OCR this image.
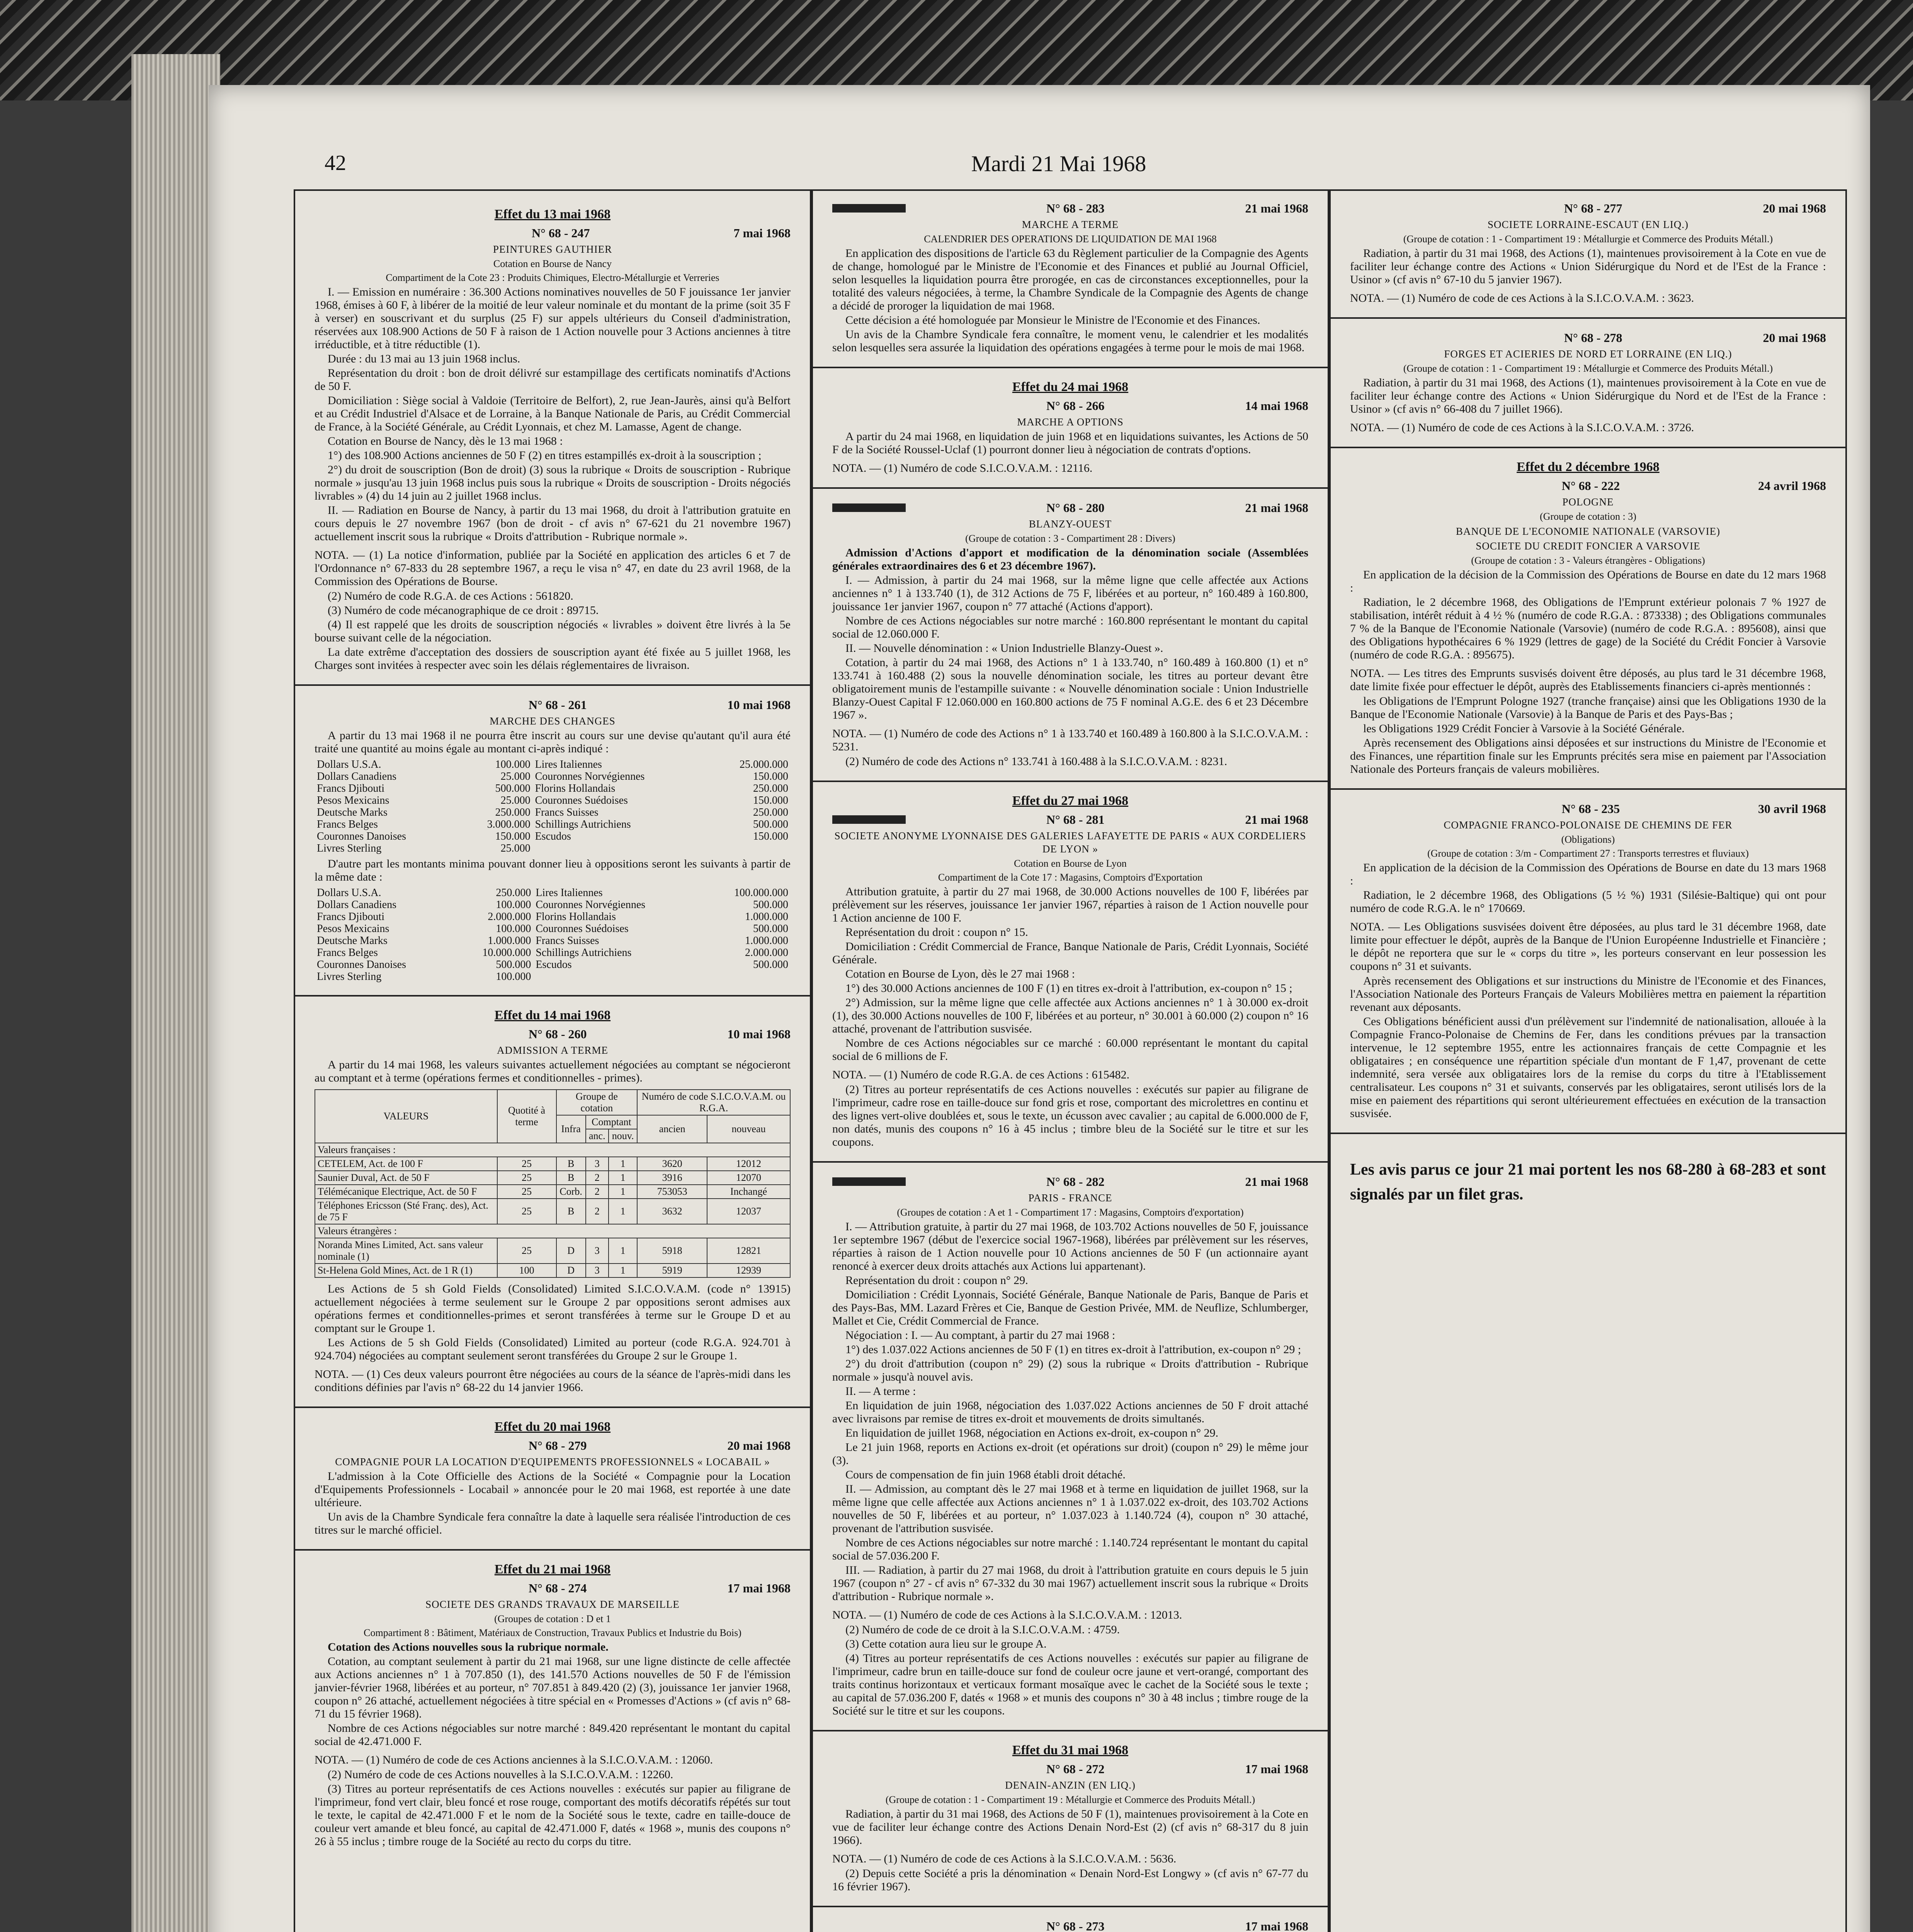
42	Mardi 21 Mai 1968
Effet du 13 mai 1968
N° 68 - 247	7 mai 1968
PEINTURES GAUTHIER
Cotation en Bourse de Nancy
Compartiment de la Cote 23 : Produits Chimiques, Electro-Métallurgie et Verreries

I. — Emission en numéraire : 36.300 Actions nominatives nouvelles de 50 F jouissance 1er janvier 1968, émises à 60 F, à libérer de la moitié de leur valeur nominale et du montant de la prime (soit 35 F à verser) en souscrivant et du surplus (25 F) sur appels ultérieurs du Conseil d'administration, réservées aux 108.900 Actions de 50 F à raison de 1 Action nouvelle pour 3 Actions anciennes à titre irréductible, et à titre réductible (1).

Durée : du 13 mai au 13 juin 1968 inclus.

Représentation du droit : bon de droit délivré sur estampillage des certificats nominatifs d'Actions de 50 F.

Domiciliation : Siège social à Valdoie (Territoire de Belfort), 2, rue Jean-Jaurès, ainsi qu'à Belfort et au Crédit Industriel d'Alsace et de Lorraine, à la Banque Nationale de Paris, au Crédit Commercial de France, à la Société Générale, au Crédit Lyonnais, et chez M. Lamasse, Agent de change.

Cotation en Bourse de Nancy, dès le 13 mai 1968 :

1°) des 108.900 Actions anciennes de 50 F (2) en titres estampillés ex-droit à la souscription ;

2°) du droit de souscription (Bon de droit) (3) sous la rubrique « Droits de souscription - Rubrique normale » jusqu'au 13 juin 1968 inclus puis sous la rubrique « Droits de souscription - Droits négociés livrables » (4) du 14 juin au 2 juillet 1968 inclus.

II. — Radiation en Bourse de Nancy, à partir du 13 mai 1968, du droit à l'attribution gratuite en cours depuis le 27 novembre 1967 (bon de droit - cf avis n° 67-621 du 21 novembre 1967) actuellement inscrit sous la rubrique « Droits d'attribution - Rubrique normale ».

NOTA. — (1) La notice d'information, publiée par la Société en application des articles 6 et 7 de l'Ordonnance n° 67-833 du 28 septembre 1967, a reçu le visa n° 47, en date du 23 avril 1968, de la Commission des Opérations de Bourse.

(2) Numéro de code R.G.A. de ces Actions : 561820.

(3) Numéro de code mécanographique de ce droit : 89715.

(4) Il est rappelé que les droits de souscription négociés « livrables » doivent être livrés à la 5e bourse suivant celle de la négociation.

La date extrême d'acceptation des dossiers de souscription ayant été fixée au 5 juillet 1968, les Charges sont invitées à respecter avec soin les délais réglementaires de livraison.

N° 68 - 261	10 mai 1968
MARCHE DES CHANGES

A partir du 13 mai 1968 il ne pourra être inscrit au cours sur une devise qu'autant qu'il aura été traité une quantité au moins égale au montant ci-après indiqué :

Dollars U.S.A.	100.000	Lires Italiennes	25.000.000
Dollars Canadiens	25.000	Couronnes Norvégiennes	150.000
Francs Djibouti	500.000	Florins Hollandais	250.000
Pesos Mexicains	25.000	Couronnes Suédoises	150.000
Deutsche Marks	250.000	Francs Suisses	250.000
Francs Belges	3.000.000	Schillings Autrichiens	500.000
Couronnes Danoises	150.000	Escudos	150.000
Livres Sterling	25.000		

D'autre part les montants minima pouvant donner lieu à oppositions seront les suivants à partir de la même date :

Dollars U.S.A.	250.000	Lires Italiennes	100.000.000
Dollars Canadiens	100.000	Couronnes Norvégiennes	500.000
Francs Djibouti	2.000.000	Florins Hollandais	1.000.000
Pesos Mexicains	100.000	Couronnes Suédoises	500.000
Deutsche Marks	1.000.000	Francs Suisses	1.000.000
Francs Belges	10.000.000	Schillings Autrichiens	2.000.000
Couronnes Danoises	500.000	Escudos	500.000
Livres Sterling	100.000		
Effet du 14 mai 1968
N° 68 - 260	10 mai 1968
ADMISSION A TERME

A partir du 14 mai 1968, les valeurs suivantes actuellement négociées au comptant se négocieront au comptant et à terme (opérations fermes et conditionnelles - primes).

VALEURS	Quotité à terme	Groupe de cotation			Numéro de code S.I.C.O.V.A.M. ou R.G.A.	
		Infra	Comptant		ancien	nouveau
			anc.	nouv.		
Valeurs françaises :						
CETELEM, Act. de 100 F	25	B	3	1	3620	12012
Saunier Duval, Act. de 50 F	25	B	2	1	3916	12070
Télémécanique Electrique, Act. de 50 F	25	Corb.	2	1	753053	Inchangé
Téléphones Ericsson (Sté Franç. des), Act. de 75 F	25	B	2	1	3632	12037
Valeurs étrangères :						
Noranda Mines Limited, Act. sans valeur nominale (1)	25	D	3	1	5918	12821
St-Helena Gold Mines, Act. de 1 R (1)	100	D	3	1	5919	12939

Les Actions de 5 sh Gold Fields (Consolidated) Limited S.I.C.O.V.A.M. (code n° 13915) actuellement négociées à terme seulement sur le Groupe 2 par oppositions seront admises aux opérations fermes et conditionnelles-primes et seront transférées à terme sur le Groupe D et au comptant sur le Groupe 1.

Les Actions de 5 sh Gold Fields (Consolidated) Limited au porteur (code R.G.A. 924.701 à 924.704) négociées au comptant seulement seront transférées du Groupe 2 sur le Groupe 1.

NOTA. — (1) Ces deux valeurs pourront être négociées au cours de la séance de l'après-midi dans les conditions définies par l'avis n° 68-22 du 14 janvier 1966.

Effet du 20 mai 1968
N° 68 - 279	20 mai 1968
COMPAGNIE POUR LA LOCATION D'EQUIPEMENTS PROFESSIONNELS « LOCABAIL »

L'admission à la Cote Officielle des Actions de la Société « Compagnie pour la Location d'Equipements Professionnels - Locabail » annoncée pour le 20 mai 1968, est reportée à une date ultérieure.

Un avis de la Chambre Syndicale fera connaître la date à laquelle sera réalisée l'introduction de ces titres sur le marché officiel.

Effet du 21 mai 1968
N° 68 - 274	17 mai 1968
SOCIETE DES GRANDS TRAVAUX DE MARSEILLE
(Groupes de cotation : D et 1
Compartiment 8 : Bâtiment, Matériaux de Construction, Travaux Publics et Industrie du Bois)

Cotation des Actions nouvelles sous la rubrique normale.

Cotation, au comptant seulement à partir du 21 mai 1968, sur une ligne distincte de celle affectée aux Actions anciennes n° 1 à 707.850 (1), des 141.570 Actions nouvelles de 50 F de l'émission janvier-février 1968, libérées et au porteur, n° 707.851 à 849.420 (2) (3), jouissance 1er janvier 1968, coupon n° 26 attaché, actuellement négociées à titre spécial en « Promesses d'Actions » (cf avis n° 68-71 du 15 février 1968).

Nombre de ces Actions négociables sur notre marché : 849.420 représentant le montant du capital social de 42.471.000 F.

NOTA. — (1) Numéro de code de ces Actions anciennes à la S.I.C.O.V.A.M. : 12060.

(2) Numéro de code de ces Actions nouvelles à la S.I.C.O.V.A.M. : 12260.

(3) Titres au porteur représentatifs de ces Actions nouvelles : exécutés sur papier au filigrane de l'imprimeur, fond vert clair, bleu foncé et rose rouge, comportant des motifs décoratifs répétés sur tout le texte, le capital de 42.471.000 F et le nom de la Société sous le texte, cadre en taille-douce de couleur vert amande et bleu foncé, au capital de 42.471.000 F, datés « 1968 », munis des coupons n° 26 à 55 inclus ; timbre rouge de la Société au recto du corps du titre.

N° 68 - 283	21 mai 1968
MARCHE A TERME
CALENDRIER DES OPERATIONS DE LIQUIDATION DE MAI 1968

En application des dispositions de l'article 63 du Règlement particulier de la Compagnie des Agents de change, homologué par le Ministre de l'Economie et des Finances et publié au Journal Officiel, selon lesquelles la liquidation pourra être prorogée, en cas de circonstances exceptionnelles, pour la totalité des valeurs négociées, à terme, la Chambre Syndicale de la Compagnie des Agents de change a décidé de proroger la liquidation de mai 1968.

Cette décision a été homologuée par Monsieur le Ministre de l'Economie et des Finances.

Un avis de la Chambre Syndicale fera connaître, le moment venu, le calendrier et les modalités selon lesquelles sera assurée la liquidation des opérations engagées à terme pour le mois de mai 1968.

Effet du 24 mai 1968
N° 68 - 266	14 mai 1968
MARCHE A OPTIONS

A partir du 24 mai 1968, en liquidation de juin 1968 et en liquidations suivantes, les Actions de 50 F de la Société Roussel-Uclaf (1) pourront donner lieu à négociation de contrats d'options.

NOTA. — (1) Numéro de code S.I.C.O.V.A.M. : 12116.

N° 68 - 280	21 mai 1968
BLANZY-OUEST
(Groupe de cotation : 3 - Compartiment 28 : Divers)

Admission d'Actions d'apport et modification de la dénomination sociale (Assemblées générales extraordinaires des 6 et 23 décembre 1967).

I. — Admission, à partir du 24 mai 1968, sur la même ligne que celle affectée aux Actions anciennes n° 1 à 133.740 (1), de 312 Actions de 75 F, libérées et au porteur, n° 160.489 à 160.800, jouissance 1er janvier 1967, coupon n° 77 attaché (Actions d'apport).

Nombre de ces Actions négociables sur notre marché : 160.800 représentant le montant du capital social de 12.060.000 F.

II. — Nouvelle dénomination : « Union Industrielle Blanzy-Ouest ».

Cotation, à partir du 24 mai 1968, des Actions n° 1 à 133.740, n° 160.489 à 160.800 (1) et n° 133.741 à 160.488 (2) sous la nouvelle dénomination sociale, les titres au porteur devant être obligatoirement munis de l'estampille suivante : « Nouvelle dénomination sociale : Union Industrielle Blanzy-Ouest Capital F 12.060.000 en 160.800 actions de 75 F nominal A.G.E. des 6 et 23 Décembre 1967 ».

NOTA. — (1) Numéro de code des Actions n° 1 à 133.740 et 160.489 à 160.800 à la S.I.C.O.V.A.M. : 5231.

(2) Numéro de code des Actions n° 133.741 à 160.488 à la S.I.C.O.V.A.M. : 8231.

Effet du 27 mai 1968
N° 68 - 281	21 mai 1968
SOCIETE ANONYME LYONNAISE DES GALERIES LAFAYETTE DE PARIS « AUX CORDELIERS DE LYON »
Cotation en Bourse de Lyon
Compartiment de la Cote 17 : Magasins, Comptoirs d'Exportation

Attribution gratuite, à partir du 27 mai 1968, de 30.000 Actions nouvelles de 100 F, libérées par prélèvement sur les réserves, jouissance 1er janvier 1967, réparties à raison de 1 Action nouvelle pour 1 Action ancienne de 100 F.

Représentation du droit : coupon n° 15.

Domiciliation : Crédit Commercial de France, Banque Nationale de Paris, Crédit Lyonnais, Société Générale.

Cotation en Bourse de Lyon, dès le 27 mai 1968 :

1°) des 30.000 Actions anciennes de 100 F (1) en titres ex-droit à l'attribution, ex-coupon n° 15 ;

2°) Admission, sur la même ligne que celle affectée aux Actions anciennes n° 1 à 30.000 ex-droit (1), des 30.000 Actions nouvelles de 100 F, libérées et au porteur, n° 30.001 à 60.000 (2) coupon n° 16 attaché, provenant de l'attribution susvisée.

Nombre de ces Actions négociables sur ce marché : 60.000 représentant le montant du capital social de 6 millions de F.

NOTA. — (1) Numéro de code R.G.A. de ces Actions : 615482.

(2) Titres au porteur représentatifs de ces Actions nouvelles : exécutés sur papier au filigrane de l'imprimeur, cadre rose en taille-douce sur fond gris et rose, comportant des microlettres en continu et des lignes vert-olive doublées et, sous le texte, un écusson avec cavalier ; au capital de 6.000.000 de F, non datés, munis des coupons n° 16 à 45 inclus ; timbre bleu de la Société sur le titre et sur les coupons.

N° 68 - 282	21 mai 1968
PARIS - FRANCE
(Groupes de cotation : A et 1 - Compartiment 17 : Magasins, Comptoirs d'exportation)

I. — Attribution gratuite, à partir du 27 mai 1968, de 103.702 Actions nouvelles de 50 F, jouissance 1er septembre 1967 (début de l'exercice social 1967-1968), libérées par prélèvement sur les réserves, réparties à raison de 1 Action nouvelle pour 10 Actions anciennes de 50 F (un actionnaire ayant renoncé à exercer deux droits attachés aux Actions lui appartenant).

Représentation du droit : coupon n° 29.

Domiciliation : Crédit Lyonnais, Société Générale, Banque Nationale de Paris, Banque de Paris et des Pays-Bas, MM. Lazard Frères et Cie, Banque de Gestion Privée, MM. de Neuflize, Schlumberger, Mallet et Cie, Crédit Commercial de France.

Négociation : I. — Au comptant, à partir du 27 mai 1968 :

1°) des 1.037.022 Actions anciennes de 50 F (1) en titres ex-droit à l'attribution, ex-coupon n° 29 ;

2°) du droit d'attribution (coupon n° 29) (2) sous la rubrique « Droits d'attribution - Rubrique normale » jusqu'à nouvel avis.

II. — A terme :

En liquidation de juin 1968, négociation des 1.037.022 Actions anciennes de 50 F droit attaché avec livraisons par remise de titres ex-droit et mouvements de droits simultanés.

En liquidation de juillet 1968, négociation en Actions ex-droit, ex-coupon n° 29.

Le 21 juin 1968, reports en Actions ex-droit (et opérations sur droit) (coupon n° 29) le même jour (3).

Cours de compensation de fin juin 1968 établi droit détaché.

II. — Admission, au comptant dès le 27 mai 1968 et à terme en liquidation de juillet 1968, sur la même ligne que celle affectée aux Actions anciennes n° 1 à 1.037.022 ex-droit, des 103.702 Actions nouvelles de 50 F, libérées et au porteur, n° 1.037.023 à 1.140.724 (4), coupon n° 30 attaché, provenant de l'attribution susvisée.

Nombre de ces Actions négociables sur notre marché : 1.140.724 représentant le montant du capital social de 57.036.200 F.

III. — Radiation, à partir du 27 mai 1968, du droit à l'attribution gratuite en cours depuis le 5 juin 1967 (coupon n° 27 - cf avis n° 67-332 du 30 mai 1967) actuellement inscrit sous la rubrique « Droits d'attribution - Rubrique normale ».

NOTA. — (1) Numéro de code de ces Actions à la S.I.C.O.V.A.M. : 12013.

(2) Numéro de code de ce droit à la S.I.C.O.V.A.M. : 4759.

(3) Cette cotation aura lieu sur le groupe A.

(4) Titres au porteur représentatifs de ces Actions nouvelles : exécutés sur papier au filigrane de l'imprimeur, cadre brun en taille-douce sur fond de couleur ocre jaune et vert-orangé, comportant des traits continus horizontaux et verticaux formant mosaïque avec le cachet de la Société sous le texte ; au capital de 57.036.200 F, datés « 1968 » et munis des coupons n° 30 à 48 inclus ; timbre rouge de la Société sur le titre et sur les coupons.

Effet du 31 mai 1968
N° 68 - 272	17 mai 1968
DENAIN-ANZIN (EN LIQ.)
(Groupe de cotation : 1 - Compartiment 19 : Métallurgie et Commerce des Produits Métall.)

Radiation, à partir du 31 mai 1968, des Actions de 50 F (1), maintenues provisoirement à la Cote en vue de faciliter leur échange contre des Actions Denain Nord-Est (2) (cf avis n° 68-317 du 8 juin 1966).

NOTA. — (1) Numéro de code de ces Actions à la S.I.C.O.V.A.M. : 5636.

(2) Depuis cette Société a pris la dénomination « Denain Nord-Est Longwy » (cf avis n° 67-77 du 16 février 1967).

N° 68 - 273	17 mai 1968

N° 68 - 277	20 mai 1968
SOCIETE LORRAINE-ESCAUT (EN LIQ.)
(Groupe de cotation : 1 - Compartiment 19 : Métallurgie et Commerce des Produits Métall.)

Radiation, à partir du 31 mai 1968, des Actions (1), maintenues provisoirement à la Cote en vue de faciliter leur échange contre des Actions « Union Sidérurgique du Nord et de l'Est de la France : Usinor » (cf avis n° 67-10 du 5 janvier 1967).

NOTA. — (1) Numéro de code de ces Actions à la S.I.C.O.V.A.M. : 3623.

N° 68 - 278	20 mai 1968
FORGES ET ACIERIES DE NORD ET LORRAINE (EN LIQ.)
(Groupe de cotation : 1 - Compartiment 19 : Métallurgie et Commerce des Produits Métall.)

Radiation, à partir du 31 mai 1968, des Actions (1), maintenues provisoirement à la Cote en vue de faciliter leur échange contre des Actions « Union Sidérurgique du Nord et de l'Est de la France : Usinor » (cf avis n° 66-408 du 7 juillet 1966).

NOTA. — (1) Numéro de code de ces Actions à la S.I.C.O.V.A.M. : 3726.

Effet du 2 décembre 1968
N° 68 - 222	24 avril 1968
POLOGNE
(Groupe de cotation : 3)
BANQUE DE L'ECONOMIE NATIONALE (VARSOVIE)
SOCIETE DU CREDIT FONCIER A VARSOVIE
(Groupe de cotation : 3 - Valeurs étrangères - Obligations)

En application de la décision de la Commission des Opérations de Bourse en date du 12 mars 1968 :

Radiation, le 2 décembre 1968, des Obligations de l'Emprunt extérieur polonais 7 % 1927 de stabilisation, intérêt réduit à 4 ½ % (numéro de code R.G.A. : 873338) ; des Obligations communales 7 % de la Banque de l'Economie Nationale (Varsovie) (numéro de code R.G.A. : 895608), ainsi que des Obligations hypothécaires 6 % 1929 (lettres de gage) de la Société du Crédit Foncier à Varsovie (numéro de code R.G.A. : 895675).

NOTA. — Les titres des Emprunts susvisés doivent être déposés, au plus tard le 31 décembre 1968, date limite fixée pour effectuer le dépôt, auprès des Etablissements financiers ci-après mentionnés :

les Obligations de l'Emprunt Pologne 1927 (tranche française) ainsi que les Obligations 1930 de la Banque de l'Economie Nationale (Varsovie) à la Banque de Paris et des Pays-Bas ;

les Obligations 1929 Crédit Foncier à Varsovie à la Société Générale.

Après recensement des Obligations ainsi déposées et sur instructions du Ministre de l'Economie et des Finances, une répartition finale sur les Emprunts précités sera mise en paiement par l'Association Nationale des Porteurs français de valeurs mobilières.

N° 68 - 235	30 avril 1968
COMPAGNIE FRANCO-POLONAISE DE CHEMINS DE FER
(Obligations)
(Groupe de cotation : 3/m - Compartiment 27 : Transports terrestres et fluviaux)

En application de la décision de la Commission des Opérations de Bourse en date du 13 mars 1968 :

Radiation, le 2 décembre 1968, des Obligations (5 ½ %) 1931 (Silésie-Baltique) qui ont pour numéro de code R.G.A. le n° 170669.

NOTA. — Les Obligations susvisées doivent être déposées, au plus tard le 31 décembre 1968, date limite pour effectuer le dépôt, auprès de la Banque de l'Union Européenne Industrielle et Financière ; le dépôt ne reportera que sur le « corps du titre », les porteurs conservant en leur possession les coupons n° 31 et suivants.

Après recensement des Obligations et sur instructions du Ministre de l'Economie et des Finances, l'Association Nationale des Porteurs Français de Valeurs Mobilières mettra en paiement la répartition revenant aux déposants.

Ces Obligations bénéficient aussi d'un prélèvement sur l'indemnité de nationalisation, allouée à la Compagnie Franco-Polonaise de Chemins de Fer, dans les conditions prévues par la transaction intervenue, le 12 septembre 1955, entre les actionnaires français de cette Compagnie et les obligataires ; en conséquence une répartition spéciale d'un montant de F 1,47, provenant de cette indemnité, sera versée aux obligataires lors de la remise du corps du titre à l'Etablissement centralisateur. Les coupons n° 31 et suivants, conservés par les obligataires, seront utilisés lors de la mise en paiement des répartitions qui seront ultérieurement effectuées en exécution de la transaction susvisée.

Les avis parus ce jour 21 mai portent les nos 68-280 à 68-283 et sont signalés par un filet gras.
